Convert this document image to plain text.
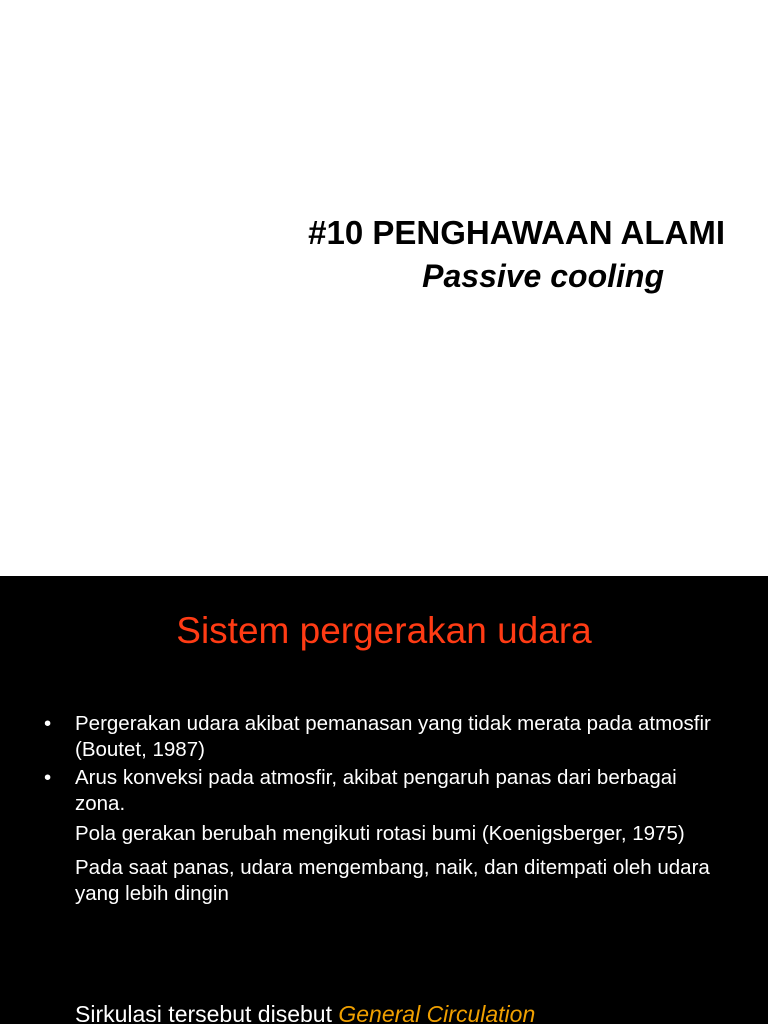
#10 PENGHAWAAN ALAMI
Passive cooling
Sistem pergerakan udara
•	Pergerakan udara akibat pemanasan yang tidak merata pada atmosfir (Boutet, 1987)
•	Arus konveksi pada atmosfir, akibat pengaruh panas dari berbagai zona.
Pola gerakan berubah mengikuti rotasi bumi (Koenigsberger, 1975)
Pada saat panas, udara mengembang, naik, dan ditempati oleh udara yang lebih dingin
Sirkulasi tersebut disebut General Circulation
